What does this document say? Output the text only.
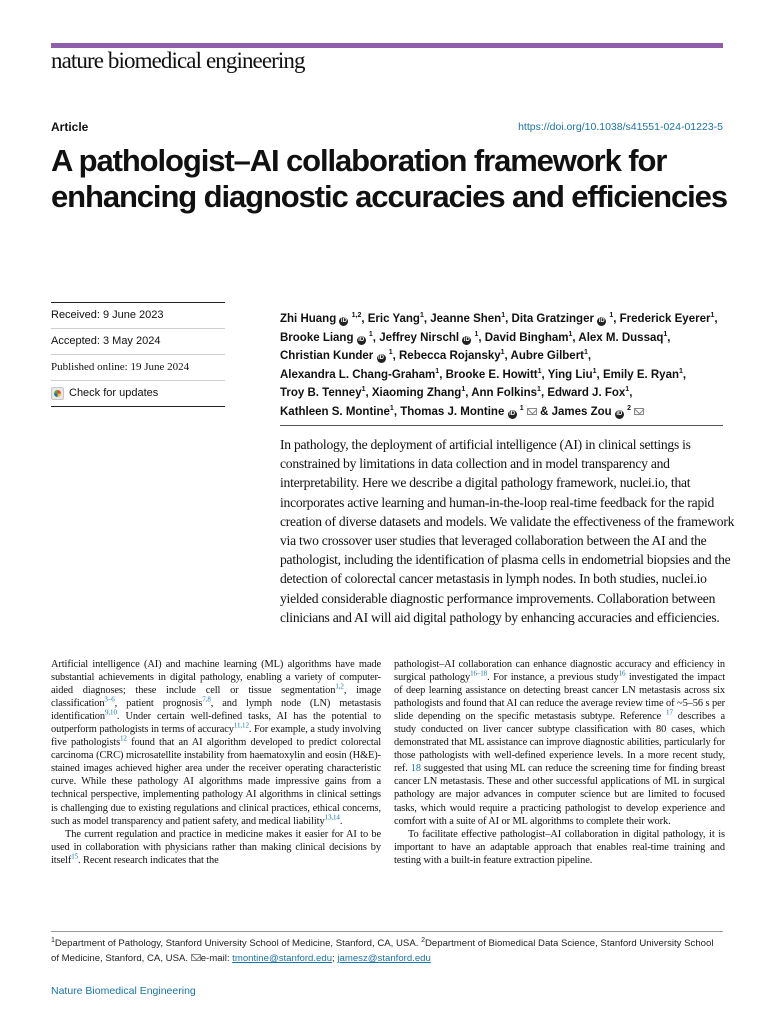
nature biomedical engineering
Article	https://doi.org/10.1038/s41551-024-01223-5
A pathologist–AI collaboration framework for enhancing diagnostic accuracies and efficiencies
Received: 9 June 2023
Accepted: 3 May 2024
Published online: 19 June 2024
Check for updates
Zhi Huang iD $^{1,2}$, Eric Yang$^1$, Jeanne Shen$^1$, Dita Gratzinger iD $^1$, Frederick Eyerer$^1$,
Brooke Liang iD $^1$, Jeffrey Nirschl iD $^1$, David Bingham$^1$, Alex M. Dussaq$^1$,
Christian Kunder iD $^1$, Rebecca Rojansky$^1$, Aubre Gilbert$^1$,
Alexandra L. Chang-Graham$^1$, Brooke E. Howitt$^1$, Ying Liu$^1$, Emily E. Ryan$^1$,
Troy B. Tenney$^1$, Xiaoming Zhang$^1$, Ann Folkins$^1$, Edward J. Fox$^1$,
Kathleen S. Montine$^1$, Thomas J. Montine iD $^1$  & James Zou iD $^2$

In pathology, the deployment of artificial intelligence (AI) in clinical settings is constrained by limitations in data collection and in model transparency and interpretability. Here we describe a digital pathology framework, nuclei.io, that incorporates active learning and human-in-the-loop real-time feedback for the rapid creation of diverse datasets and models. We validate the effectiveness of the framework via two crossover user studies that leveraged collaboration between the AI and the pathologist, including the identification of plasma cells in endometrial biopsies and the detection of colorectal cancer metastasis in lymph nodes. In both studies, nuclei.io yielded considerable diagnostic performance improvements. Collaboration between clinicians and AI will aid digital pathology by enhancing accuracies and efficiencies.

Artificial intelligence (AI) and machine learning (ML) algorithms have made substantial achievements in digital pathology, enabling a variety of computer-aided diagnoses; these include cell or tissue segmentation$^{1,2}$, image classification$^{3-6}$, patient prognosis$^{7,8}$, and lymph node (LN) metastasis identification$^{9,10}$. Under certain well-defined tasks, AI has the potential to outperform pathologists in terms of accuracy$^{11,12}$. For example, a study involving five pathologists$^{12}$ found that an AI algorithm developed to predict colorectal carcinoma (CRC) microsatellite instability from haematoxylin and eosin (H&E)-stained images achieved higher area under the receiver operating characteristic curve. While these pathology AI algorithms made impressive gains from a technical perspective, implementing pathology AI algorithms in clinical settings is challenging due to existing regulations and clinical practices, ethical concerns, such as model transparency and patient safety, and medical liability$^{13,14}$.
The current regulation and practice in medicine makes it easier for AI to be used in collaboration with physicians rather than making clinical decisions by itself$^{15}$. Recent research indicates that the

pathologist–AI collaboration can enhance diagnostic accuracy and efficiency in surgical pathology$^{16-18}$. For instance, a previous study$^{16}$ investigated the impact of deep learning assistance on detecting breast cancer LN metastasis across six pathologists and found that AI can reduce the average review time of ~5–56 s per slide depending on the specific metastasis subtype. Reference $^{17}$ describes a study conducted on liver cancer subtype classification with 80 cases, which demonstrated that ML assistance can improve diagnostic abilities, particularly for those pathologists with well-defined experience levels. In a more recent study, ref. 18 suggested that using ML can reduce the screening time for finding breast cancer LN metastasis. These and other successful applications of ML in surgical pathology are major advances in computer science but are limited to focused tasks, which would require a practicing pathologist to develop experience and comfort with a suite of AI or ML algorithms to complete their work.
To facilitate effective pathologist–AI collaboration in digital pathology, it is important to have an adaptable approach that enables real-time training and testing with a built-in feature extraction pipeline.

$^1$Department of Pathology, Stanford University School of Medicine, Stanford, CA, USA. $^2$Department of Biomedical Data Science, Stanford University School of Medicine, Stanford, CA, USA. e-mail: tmontine@stanford.edu; jamesz@stanford.edu
Nature Biomedical Engineering
